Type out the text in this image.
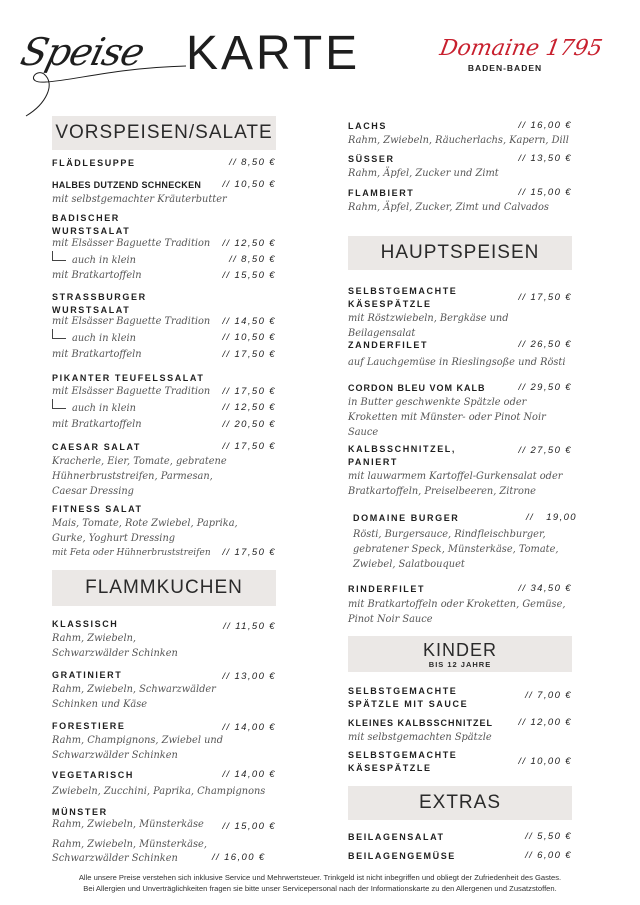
Speise KARTE	Domaine 1795
BADEN-BADEN
VORSPEISEN/SALATE
FLÄDLESUPPE	// 8,50 €
HALBES DUTZEND SCHNECKEN	// 10,50 €
mit selbstgemachter Kräuterbutter
BADISCHER WURSTSALAT
mit Elsässer Baguette Tradition // 12,50 €
auch in klein	// 8,50 €
mit Bratkartoffeln	// 15,50 €
STRASSBURGER WURSTSALAT
mit Elsässer Baguette Tradition // 14,50 €
auch in klein	// 10,50 €
mit Bratkartoffeln	// 17,50 €
PIKANTER TEUFELSSALAT
mit Elsässer Baguette Tradition // 17,50 €
auch in klein	// 12,50 €
mit Bratkartoffeln	// 20,50 €
CAESAR SALAT	// 17,50 €
Kracherle, Eier, Tomate, gebratene Hühnerbruststreifen, Parmesan, Caesar Dressing
FITNESS SALAT
Mais, Tomate, Rote Zwiebel, Paprika, Gurke, Yoghurt Dressing
mit Feta oder Hühnerbruststreifen // 17,50 €
FLAMMKUCHEN
KLASSISCH	// 11,50 €
Rahm, Zwiebeln, Schwarzwälder Schinken
GRATINIERT	// 13,00 €
Rahm, Zwiebeln, Schwarzwälder Schinken und Käse
FORESTIERE	// 14,00 €
Rahm, Champignons, Zwiebel und Schwarzwälder Schinken
VEGETARISCH	// 14,00 €
Zwiebeln, Zucchini, Paprika, Champignons
MÜNSTER
Rahm, Zwiebeln, Münsterkäse // 15,00 €
Rahm, Zwiebeln, Münsterkäse, Schwarzwälder Schinken	// 16,00 €
LACHS	// 16,00 €
Rahm, Zwiebeln, Räucherlachs, Kapern, Dill
SÜSSER	// 13,50 €
Rahm, Äpfel, Zucker und Zimt
FLAMBIERT	// 15,00 €
Rahm, Äpfel, Zucker, Zimt und Calvados
HAUPTSPEISEN
SELBSTGEMACHTE KÄSESPÄTZLE
// 17,50 €
mit Röstzwiebeln, Bergkäse und Beilagensalat
ZANDERFILET	// 26,50 €
auf Lauchgemüse in Rieslingsoße und Rösti
CORDON BLEU VOM KALB	// 29,50 €
in Butter geschwenkte Spätzle oder Kroketten mit Münster- oder Pinot Noir Sauce
KALBSSCHNITZEL, PANIERT
// 27,50 €
mit lauwarmem Kartoffel-Gurkensalat oder Bratkartoffeln, Preiselbeeren, Zitrone
DOMAINE BURGER	//   19,00
Rösti, Burgersauce, Rindfleischburger, gebratener Speck, Münsterkäse, Tomate, Zwiebel, Salatbouquet
RINDERFILET	// 34,50 €
mit Bratkartoffeln oder Kroketten, Gemüse, Pinot Noir Sauce
KINDER
BIS 12 JAHRE
SELBSTGEMACHTE SPÄTZLE MIT SAUCE
// 7,00 €
KLEINES KALBSSCHNITZEL	// 12,00 €
mit selbstgemachten Spätzle
SELBSTGEMACHTE KÄSESPÄTZLE
// 10,00 €
EXTRAS
BEILAGENSALAT	// 5,50 €
BEILAGENGEMÜSE	// 6,00 €
Alle unsere Preise verstehen sich inklusive Service und Mehrwertsteuer. Trinkgeld ist nicht inbegriffen und obliegt der Zufriedenheit des Gastes.
Bei Allergien und Unverträglichkeiten fragen sie bitte unser Servicepersonal nach der Informationskarte zu den Allergenen und Zusatzstoffen.
